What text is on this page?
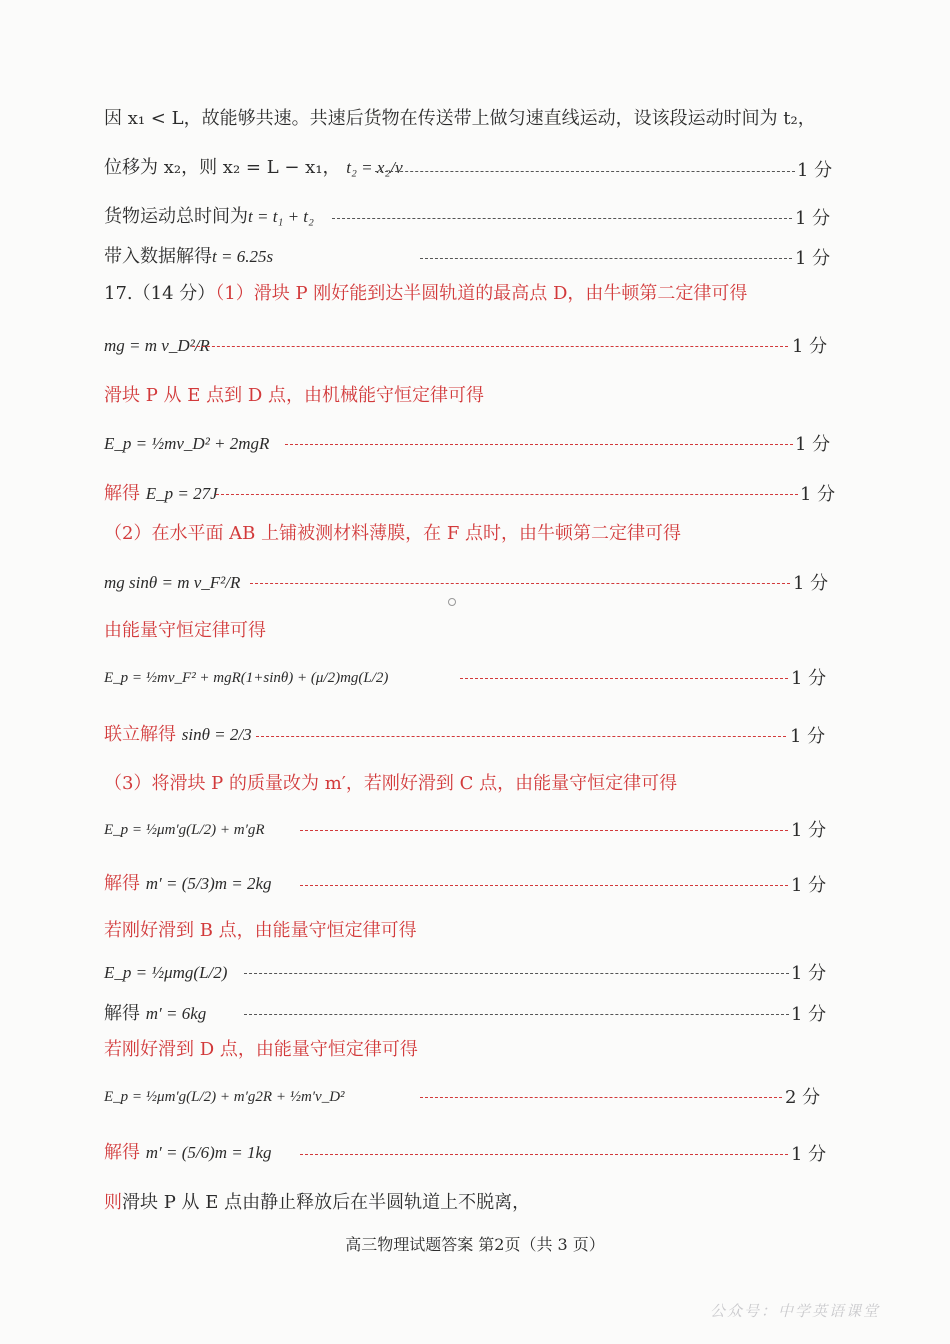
因 x₁ < L，故能够共速。共速后货物在传送带上做匀速直线运动，设该段运动时间为 t₂，
位移为 x₂，则 x₂ = L − x₁， t₂ = x₂/v	1 分
货物运动总时间为t = t₁ + t₂	1 分
带入数据解得t = 6.25s	1 分
17.（14 分）（1）滑块 P 刚好能到达半圆轨道的最高点 D，由牛顿第二定律可得
mg = m v_D²/R	1 分
滑块 P 从 E 点到 D 点，由机械能守恒定律可得
E_p = ½mv_D² + 2mgR	1 分
解得 E_p = 27J	1 分
（2）在水平面 AB 上铺被测材料薄膜，在 F 点时，由牛顿第二定律可得
mg sinθ = m v_F²/R	1 分
由能量守恒定律可得
E_p = ½mv_F² + mgR(1+sinθ) + (μ/2)mg(L/2)	1 分
联立解得 sinθ = 2/3	1 分
（3）将滑块 P 的质量改为 m′，若刚好滑到 C 点，由能量守恒定律可得
E_p = ½μm′g(L/2) + m′gR	1 分
解得 m′ = (5/3)m = 2kg	1 分
若刚好滑到 B 点，由能量守恒定律可得
E_p = ½μmg(L/2)	1 分
解得 m′ = 6kg	1 分
若刚好滑到 D 点，由能量守恒定律可得
E_p = ½μm′g(L/2) + m′g2R + ½m′v_D²	2 分
解得 m′ = (5/6)m = 1kg	1 分
则滑块 P 从 E 点由静止释放后在半圆轨道上不脱离，
高三物理试题答案 第2页（共 3 页）
公众号：中学英语课堂
